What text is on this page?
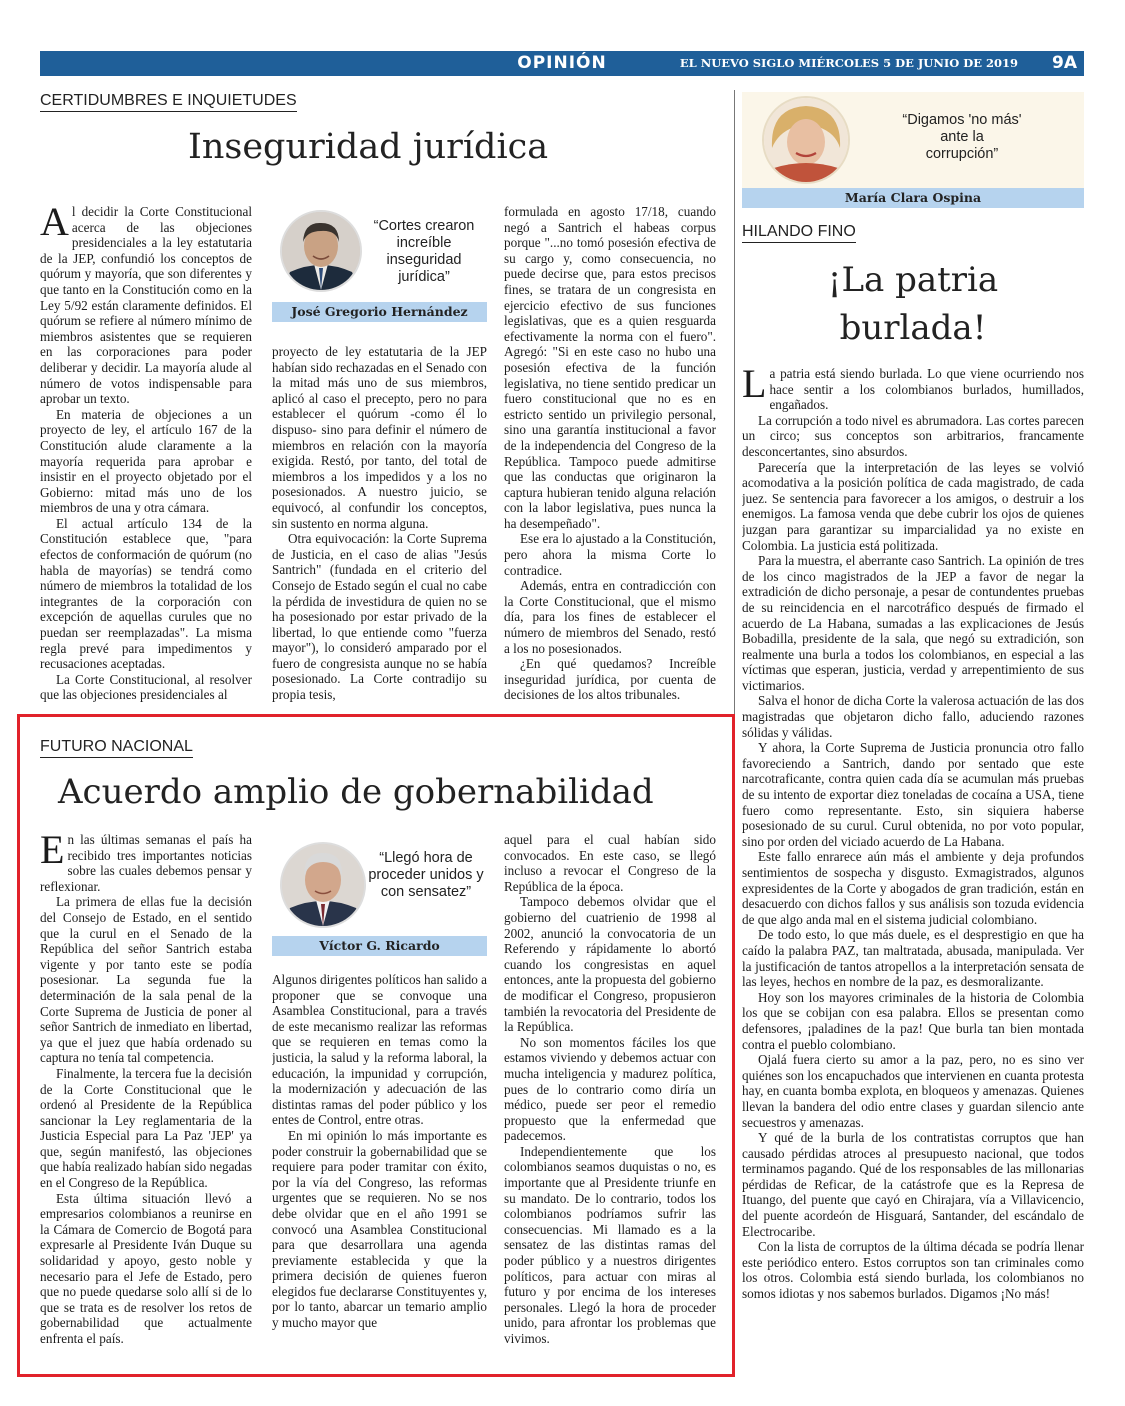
OPINIÓN	EL NUEVO SIGLO MIÉRCOLES 5 DE JUNIO DE 2019 9A
CERTIDUMBRES E INQUIETUDES
Inseguridad jurídica

Al decidir la Corte Constitucional acerca de las objeciones presidenciales a la ley estatutaria de la JEP, confundió los conceptos de quórum y mayoría, que son diferentes y que tanto en la Constitución como en la Ley 5/92 están claramente definidos. El quórum se refiere al número mínimo de miembros asistentes que se requieren en las corporaciones para poder deliberar y decidir. La mayoría alude al número de votos indispensable para aprobar un texto.

En materia de objeciones a un proyecto de ley, el artículo 167 de la Constitución alude claramente a la mayoría requerida para aprobar e insistir en el proyecto objetado por el Gobierno: mitad más uno de los miembros de una y otra cámara.

El actual artículo 134 de la Constitución establece que, "para efectos de conformación de quórum (no habla de mayorías) se tendrá como número de miembros la totalidad de los integrantes de la corporación con excepción de aquellas curules que no puedan ser reemplazadas". La misma regla prevé para impedimentos y recusaciones aceptadas.

La Corte Constitucional, al resolver que las objeciones presidenciales al

“Cortes crearon increíble inseguridad jurídica”
José Gregorio Hernández

proyecto de ley estatutaria de la JEP habían sido rechazadas en el Senado con la mitad más uno de sus miembros, aplicó al caso el precepto, pero no para establecer el quórum -como él lo dispuso- sino para definir el número de miembros en relación con la mayoría exigida. Restó, por tanto, del total de miembros a los impedidos y a los no posesionados. A nuestro juicio, se equivocó, al confundir los conceptos, sin sustento en norma alguna.

Otra equivocación: la Corte Suprema de Justicia, en el caso de alias "Jesús Santrich" (fundada en el criterio del Consejo de Estado según el cual no cabe la pérdida de investidura de quien no se ha posesionado por estar privado de la libertad, lo que entiende como "fuerza mayor"), lo consideró amparado por el fuero de congresista aunque no se había posesionado. La Corte contradijo su propia tesis,

formulada en agosto 17/18, cuando negó a Santrich el habeas corpus porque "...no tomó posesión efectiva de su cargo y, como consecuencia, no puede decirse que, para estos precisos fines, se tratara de un congresista en ejercicio efectivo de sus funciones legislativas, que es a quien resguarda efectivamente la norma con el fuero". Agregó: "Si en este caso no hubo una posesión efectiva de la función legislativa, no tiene sentido predicar un fuero constitucional que no es en estricto sentido un privilegio personal, sino una garantía institucional a favor de la independencia del Congreso de la República. Tampoco puede admitirse que las conductas que originaron la captura hubieran tenido alguna relación con la labor legislativa, pues nunca la ha desempeñado".

Ese era lo ajustado a la Constitución, pero ahora la misma Corte lo contradice.

Además, entra en contradicción con la Corte Constitucional, que el mismo día, para los fines de establecer el número de miembros del Senado, restó a los no posesionados.

¿En qué quedamos? Increíble inseguridad jurídica, por cuenta de decisiones de los altos tribunales.

“Digamos 'no más' ante la corrupción”
María Clara Ospina
HILANDO FINO
¡La patria
burlada!

La patria está siendo burlada. Lo que viene ocurriendo nos hace sentir a los colombianos burlados, humillados, engañados.

La corrupción a todo nivel es abrumadora. Las cortes parecen un circo; sus conceptos son arbitrarios, francamente desconcertantes, sino absurdos.

Parecería que la interpretación de las leyes se volvió acomodativa a la posición política de cada magistrado, de cada juez. Se sentencia para favorecer a los amigos, o destruir a los enemigos. La famosa venda que debe cubrir los ojos de quienes juzgan para garantizar su imparcialidad ya no existe en Colombia. La justicia está politizada.

Para la muestra, el aberrante caso Santrich. La opinión de tres de los cinco magistrados de la JEP a favor de negar la extradición de dicho personaje, a pesar de contundentes pruebas de su reincidencia en el narcotráfico después de firmado el acuerdo de La Habana, sumadas a las explicaciones de Jesús Bobadilla, presidente de la sala, que negó su extradición, son realmente una burla a todos los colombianos, en especial a las víctimas que esperan, justicia, verdad y arrepentimiento de sus victimarios.

Salva el honor de dicha Corte la valerosa actuación de las dos magistradas que objetaron dicho fallo, aduciendo razones sólidas y válidas.

Y ahora, la Corte Suprema de Justicia pronuncia otro fallo favoreciendo a Santrich, dando por sentado que este narcotraficante, contra quien cada día se acumulan más pruebas de su intento de exportar diez toneladas de cocaína a USA, tiene fuero como representante. Esto, sin siquiera haberse posesionado de su curul. Curul obtenida, no por voto popular, sino por orden del viciado acuerdo de La Habana.

Este fallo enrarece aún más el ambiente y deja profundos sentimientos de sospecha y disgusto. Exmagistrados, algunos expresidentes de la Corte y abogados de gran tradición, están en desacuerdo con dichos fallos y sus análisis son tozuda evidencia de que algo anda mal en el sistema judicial colombiano.

De todo esto, lo que más duele, es el desprestigio en que ha caído la palabra PAZ, tan maltratada, abusada, manipulada. Ver la justificación de tantos atropellos a la interpretación sensata de las leyes, hechos en nombre de la paz, es desmoralizante.

Hoy son los mayores criminales de la historia de Colombia los que se cobijan con esa palabra. Ellos se presentan como defensores, ¡paladines de la paz! Que burla tan bien montada contra el pueblo colombiano.

Ojalá fuera cierto su amor a la paz, pero, no es sino ver quiénes son los encapuchados que intervienen en cuanta protesta hay, en cuanta bomba explota, en bloqueos y amenazas. Quienes llevan la bandera del odio entre clases y guardan silencio ante secuestros y amenazas.

Y qué de la burla de los contratistas corruptos que han causado pérdidas atroces al presupuesto nacional, que todos terminamos pagando. Qué de los responsables de las millonarias pérdidas de Reficar, de la catástrofe que es la Represa de Ituango, del puente que cayó en Chirajara, vía a Villavicencio, del puente acordeón de Hisguará, Santander, del escándalo de Electrocaribe.

Con la lista de corruptos de la última década se podría llenar este periódico entero. Estos corruptos son tan criminales como los otros. Colombia está siendo burlada, los colombianos no somos idiotas y nos sabemos burlados. Digamos ¡No más!

FUTURO NACIONAL
Acuerdo amplio de gobernabilidad

En las últimas semanas el país ha recibido tres importantes noticias sobre las cuales debemos pensar y reflexionar.

La primera de ellas fue la decisión del Consejo de Estado, en el sentido que la curul en el Senado de la República del señor Santrich estaba vigente y por tanto este se podía posesionar. La segunda fue la determinación de la sala penal de la Corte Suprema de Justicia de poner al señor Santrich de inmediato en libertad, ya que el juez que había ordenado su captura no tenía tal competencia.

Finalmente, la tercera fue la decisión de la Corte Constitucional que le ordenó al Presidente de la República sancionar la Ley reglamentaria de la Justicia Especial para La Paz 'JEP' ya que, según manifestó, las objeciones que había realizado habían sido negadas en el Congreso de la República.

Esta última situación llevó a empresarios colombianos a reunirse en la Cámara de Comercio de Bogotá para expresarle al Presidente Iván Duque su solidaridad y apoyo, gesto noble y necesario para el Jefe de Estado, pero que no puede quedarse solo allí si de lo que se trata es de resolver los retos de gobernabilidad que actualmente enfrenta el país.

“Llegó hora de proceder unidos y con sensatez”
Víctor G. Ricardo

Algunos dirigentes políticos han salido a proponer que se convoque una Asamblea Constitucional, para a través de este mecanismo realizar las reformas que se requieren en temas como la justicia, la salud y la reforma laboral, la educación, la impunidad y corrupción, la modernización y adecuación de las distintas ramas del poder público y los entes de Control, entre otras.

En mi opinión lo más importante es poder construir la gobernabilidad que se requiere para poder tramitar con éxito, por la vía del Congreso, las reformas urgentes que se requieren. No se nos debe olvidar que en el año 1991 se convocó una Asamblea Constitucional para que desarrollara una agenda previamente establecida y que la primera decisión de quienes fueron elegidos fue declararse Constituyentes y, por lo tanto, abarcar un temario amplio y mucho mayor que

aquel para el cual habían sido convocados. En este caso, se llegó incluso a revocar el Congreso de la República de la época.

Tampoco debemos olvidar que el gobierno del cuatrienio de 1998 al 2002, anunció la convocatoria de un Referendo y rápidamente lo abortó cuando los congresistas en aquel entonces, ante la propuesta del gobierno de modificar el Congreso, propusieron también la revocatoria del Presidente de la República.

No son momentos fáciles los que estamos viviendo y debemos actuar con mucha inteligencia y madurez política, pues de lo contrario como diría un médico, puede ser peor el remedio propuesto que la enfermedad que padecemos.

Independientemente que los colombianos seamos duquistas o no, es importante que al Presidente triunfe en su mandato. De lo contrario, todos los colombianos podríamos sufrir las consecuencias. Mi llamado es a la sensatez de las distintas ramas del poder público y a nuestros dirigentes políticos, para actuar con miras al futuro y por encima de los intereses personales. Llegó la hora de proceder unido, para afrontar los problemas que vivimos.
